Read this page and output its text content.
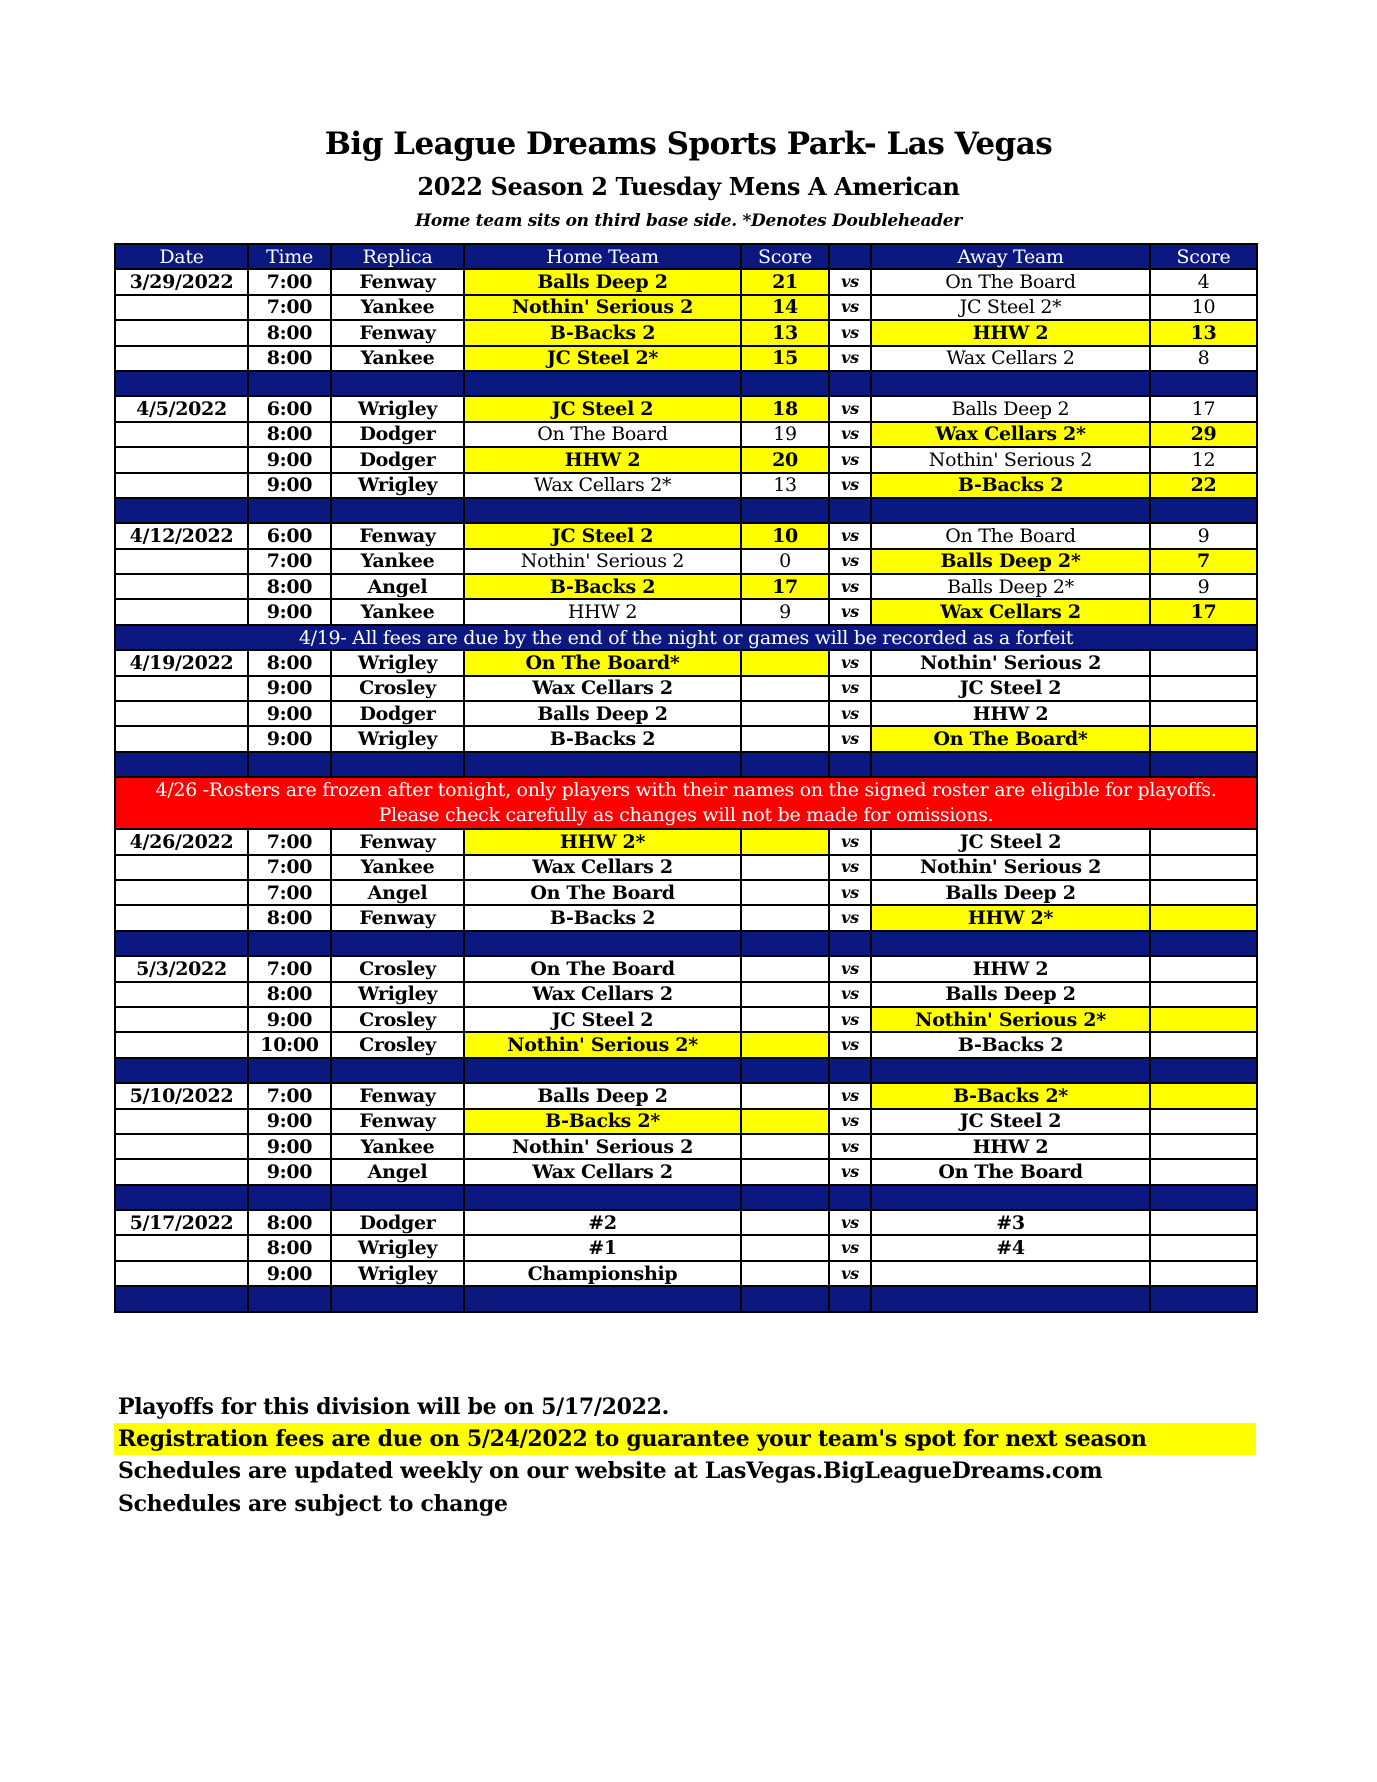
Big League Dreams Sports Park- Las Vegas
2022 Season 2 Tuesday Mens A American
Home team sits on third base side. *Denotes Doubleheader
Date	Time	Replica	Home Team	Score		Away Team	Score
3/29/2022	7:00	Fenway	Balls Deep 2	21	vs	On The Board	4
	7:00	Yankee	Nothin' Serious 2	14	vs	JC Steel 2*	10
	8:00	Fenway	B-Backs 2	13	vs	HHW 2	13
	8:00	Yankee	JC Steel 2*	15	vs	Wax Cellars 2	8

4/5/2022	6:00	Wrigley	JC Steel 2	18	vs	Balls Deep 2	17
	8:00	Dodger	On The Board	19	vs	Wax Cellars 2*	29
	9:00	Dodger	HHW 2	20	vs	Nothin' Serious 2	12
	9:00	Wrigley	Wax Cellars 2*	13	vs	B-Backs 2	22

4/12/2022	6:00	Fenway	JC Steel 2	10	vs	On The Board	9
	7:00	Yankee	Nothin' Serious 2	0	vs	Balls Deep 2*	7
	8:00	Angel	B-Backs 2	17	vs	Balls Deep 2*	9
	9:00	Yankee	HHW 2	9	vs	Wax Cellars 2	17
4/19- All fees are due by the end of the night or games will be recorded as a forfeit							
4/19/2022	8:00	Wrigley	On The Board*		vs	Nothin' Serious 2	
	9:00	Crosley	Wax Cellars 2		vs	JC Steel 2	
	9:00	Dodger	Balls Deep 2		vs	HHW 2	
	9:00	Wrigley	B-Backs 2		vs	On The Board*	

4/26 -Rosters are frozen after tonight, only players with their names on the signed roster are eligible for playoffs.
Please check carefully as changes will not be made for omissions.							

4/26/2022	7:00	Fenway	HHW 2*		vs	JC Steel 2	
	7:00	Yankee	Wax Cellars 2		vs	Nothin' Serious 2	
	7:00	Angel	On The Board		vs	Balls Deep 2	
	8:00	Fenway	B-Backs 2		vs	HHW 2*	

5/3/2022	7:00	Crosley	On The Board		vs	HHW 2	
	8:00	Wrigley	Wax Cellars 2		vs	Balls Deep 2	
	9:00	Crosley	JC Steel 2		vs	Nothin' Serious 2*	
	10:00	Crosley	Nothin' Serious 2*		vs	B-Backs 2	

5/10/2022	7:00	Fenway	Balls Deep 2		vs	B-Backs 2*	
	9:00	Fenway	B-Backs 2*		vs	JC Steel 2	
	9:00	Yankee	Nothin' Serious 2		vs	HHW 2	
	9:00	Angel	Wax Cellars 2		vs	On The Board	

5/17/2022	8:00	Dodger	#2		vs	#3	
	8:00	Wrigley	#1		vs	#4	
	9:00	Wrigley	Championship		vs		

Playoffs for this division will be on 5/17/2022.
Registration fees are due on 5/24/2022 to guarantee your team's spot for next season
Schedules are updated weekly on our website at LasVegas.BigLeagueDreams.com
Schedules are subject to change
